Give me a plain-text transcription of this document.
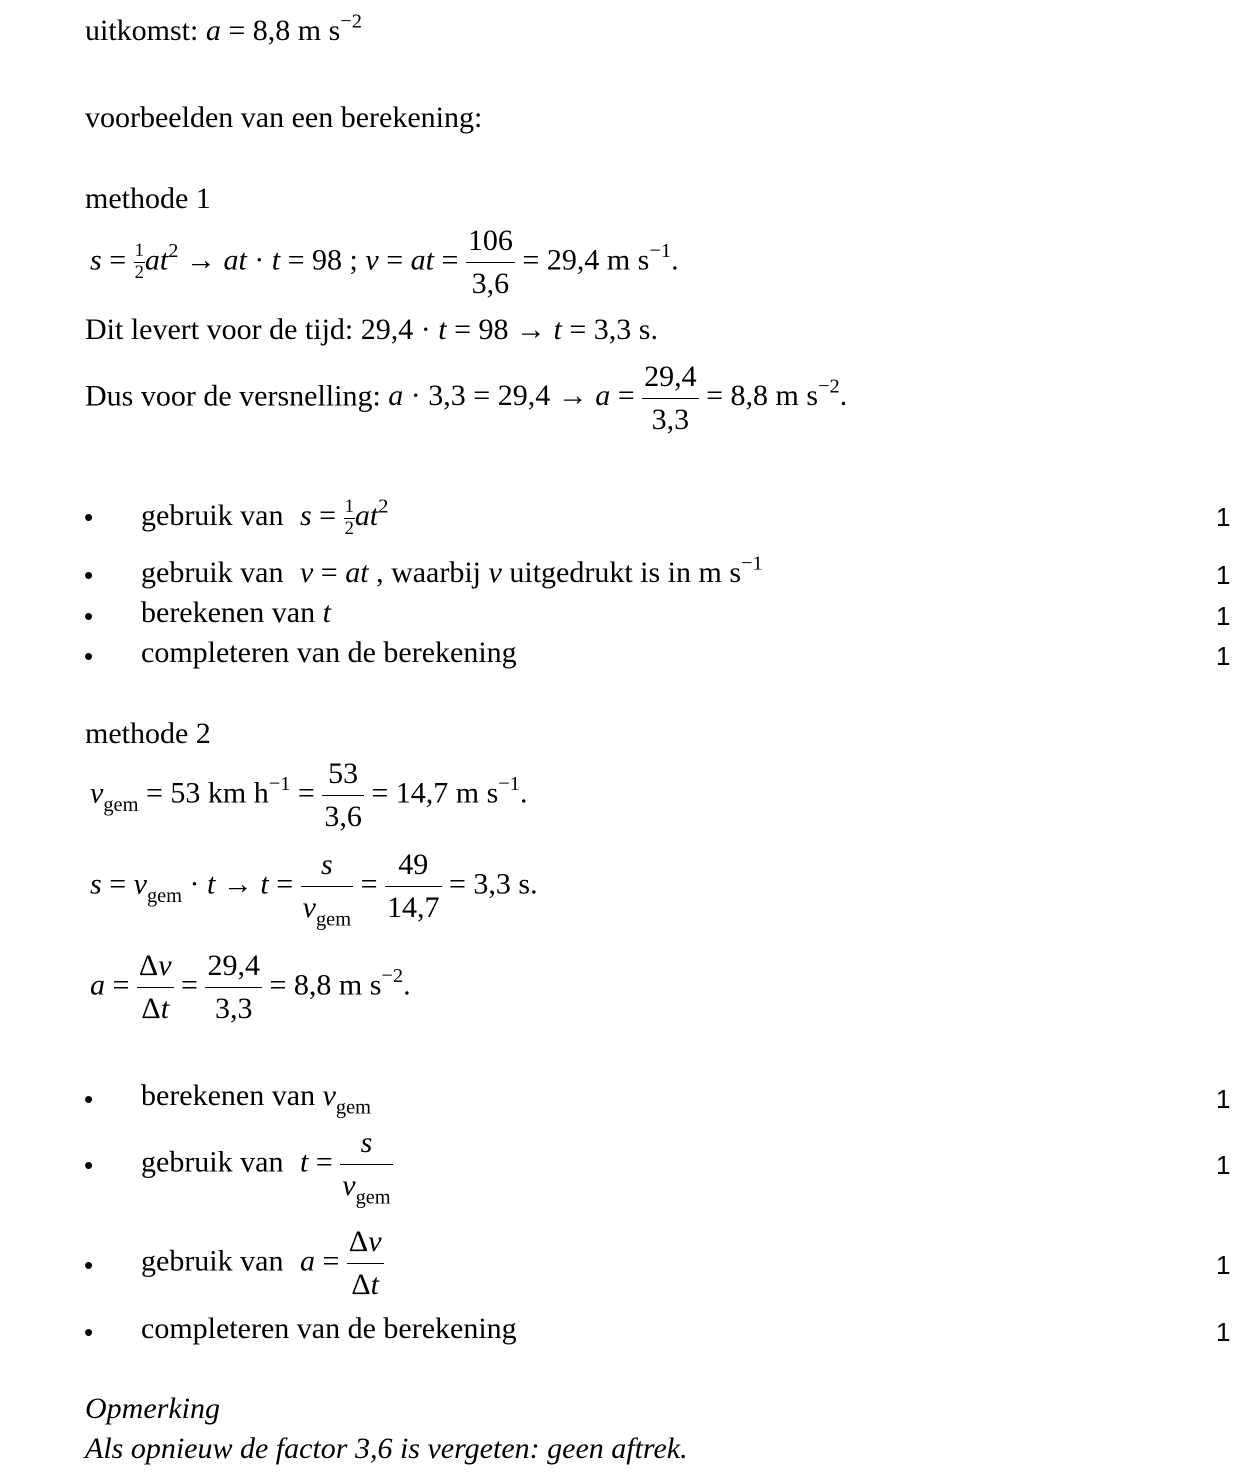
uitkomst: a = 8,8 m $s^{-2}$
voorbeelden van een berekening:
methode 1
$s = \frac{1}{2} at^2$ → at · t = 98 ; v = at = $\frac{106}{3,6} = 29,4$ m $s^{-1}$.
Dit levert voor de tijd: 29,4 · t = 98 → t = 3,3 s.
Dus voor de versnelling: $a \cdot 3,3 = 29,4 \to a = \frac{29,4}{3,3} = 8,8$ m $s^{-2}$.
• gebruik van $s = \frac{1}{2} at^2$	1
• gebruik van v = at , waarbij v uitgedrukt is in m $s^{-1}$	1
• berekenen van t	1
• completeren van de berekening	1
methode 2
$v_{gem} = 53$ km $h^{-1} = \frac{53}{3,6} = 14,7$ m $s^{-1}$.
$s = v_{gem} \cdot t \to t = \frac{s}{v_{gem}} = \frac{49}{14,7} = 3,3$ s.
$a = \frac{\Delta v}{\Delta t} = \frac{29,4}{3,3} = 8,8$ m $s^{-2}$.
• berekenen van $v_{gem}$	1
• gebruik van $t = \frac{s}{v_{gem}}$	1
• gebruik van $a = \frac{\Delta v}{\Delta t}$	1
• completeren van de berekening	1
Opmerking
Als opnieuw de factor 3,6 is vergeten: geen aftrek.
